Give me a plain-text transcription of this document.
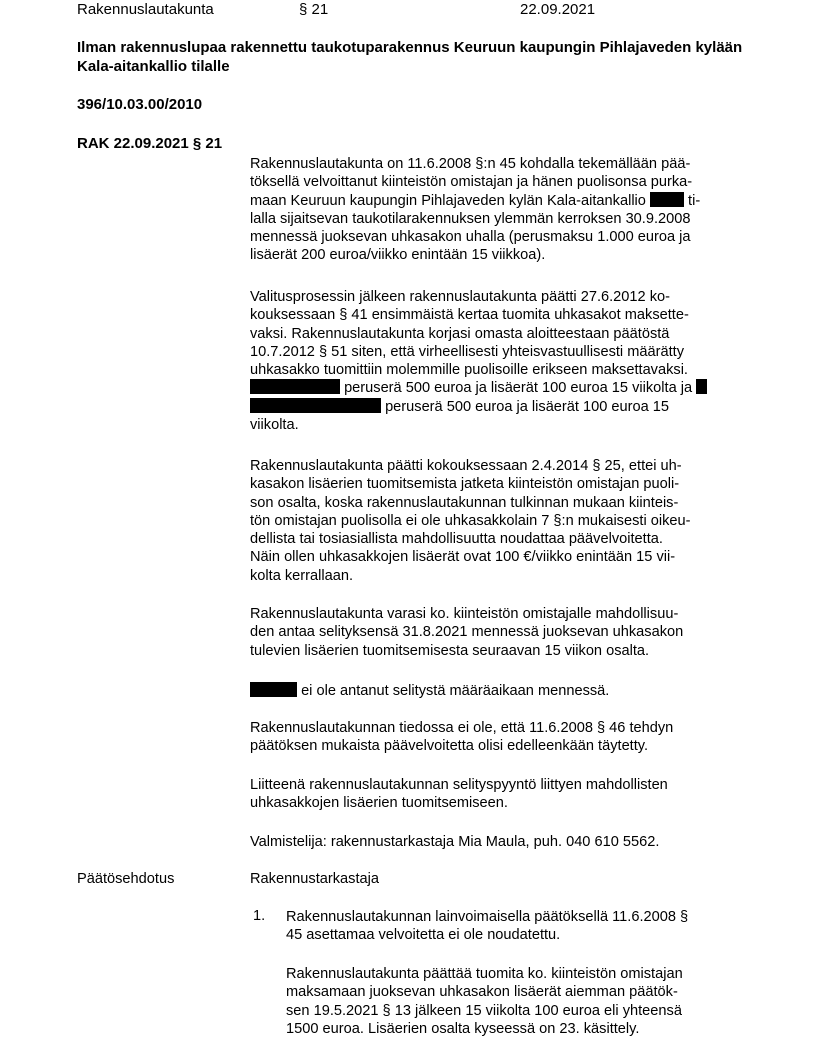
Rakennuslautakunta	§ 21	22.09.2021
Ilman rakennuslupaa rakennettu taukotuparakennus Keuruun kaupungin Pihlajaveden kylään Kala-aitankallio tilalle
396/10.03.00/2010
RAK 22.09.2021 § 21
Rakennuslautakunta on 11.6.2008 §:n 45 kohdalla tekemällään pää-
töksellä velvoittanut kiinteistön omistajan ja hänen puolisonsa purka-
maan Keuruun kaupungin Pihlajaveden kylän Kala-aitankallio	ti-
lalla sijaitsevan taukotilarakennuksen ylemmän kerroksen 30.9.2008
mennessä juoksevan uhkasakon uhalla (perusmaksu 1.000 euroa ja
lisäerät 200 euroa/viikko enintään 15 viikkoa).
Valitusprosessin jälkeen rakennuslautakunta päätti 27.6.2012 ko-
kouksessaan § 41 ensimmäistä kertaa tuomita uhkasakot maksette-
vaksi. Rakennuslautakunta korjasi omasta aloitteestaan päätöstä
10.7.2012 § 51 siten, että virheellisesti yhteisvastuullisesti määrätty
uhkasakko tuomittiin molemmille puolisoille erikseen maksettavaksi.
peruserä 500 euroa ja lisäerät 100 euroa 15 viikolta ja
peruserä 500 euroa ja lisäerät 100 euroa 15
viikolta.
Rakennuslautakunta päätti kokouksessaan 2.4.2014 § 25, ettei uh-
kasakon lisäerien tuomitsemista jatketa kiinteistön omistajan puoli-
son osalta, koska rakennuslautakunnan tulkinnan mukaan kiinteis-
tön omistajan puolisolla ei ole uhkasakkolain 7 §:n mukaisesti oikeu-
dellista tai tosiasiallista mahdollisuutta noudattaa päävelvoitetta.
Näin ollen uhkasakkojen lisäerät ovat 100 €/viikko enintään 15 vii-
kolta kerrallaan.
Rakennuslautakunta varasi ko. kiinteistön omistajalle mahdollisuu-
den antaa selityksensä 31.8.2021 mennessä juoksevan uhkasakon
tulevien lisäerien tuomitsemisesta seuraavan 15 viikon osalta.
ei ole antanut selitystä määräaikaan mennessä.
Rakennuslautakunnan tiedossa ei ole, että 11.6.2008 § 46 tehdyn
päätöksen mukaista päävelvoitetta olisi edelleenkään täytetty.
Liitteenä rakennuslautakunnan selityspyyntö liittyen mahdollisten
uhkasakkojen lisäerien tuomitsemiseen.
Valmistelija: rakennustarkastaja Mia Maula, puh. 040 610 5562.
Päätösehdotus	Rakennustarkastaja
1. Rakennuslautakunnan lainvoimaisella päätöksellä 11.6.2008 §
45 asettamaa velvoitetta ei ole noudatettu.
Rakennuslautakunta päättää tuomita ko. kiinteistön omistajan
maksamaan juoksevan uhkasakon lisäerät aiemman päätök-
sen 19.5.2021 § 13 jälkeen 15 viikolta 100 euroa eli yhteensä
1500 euroa. Lisäerien osalta kyseessä on 23. käsittely.
